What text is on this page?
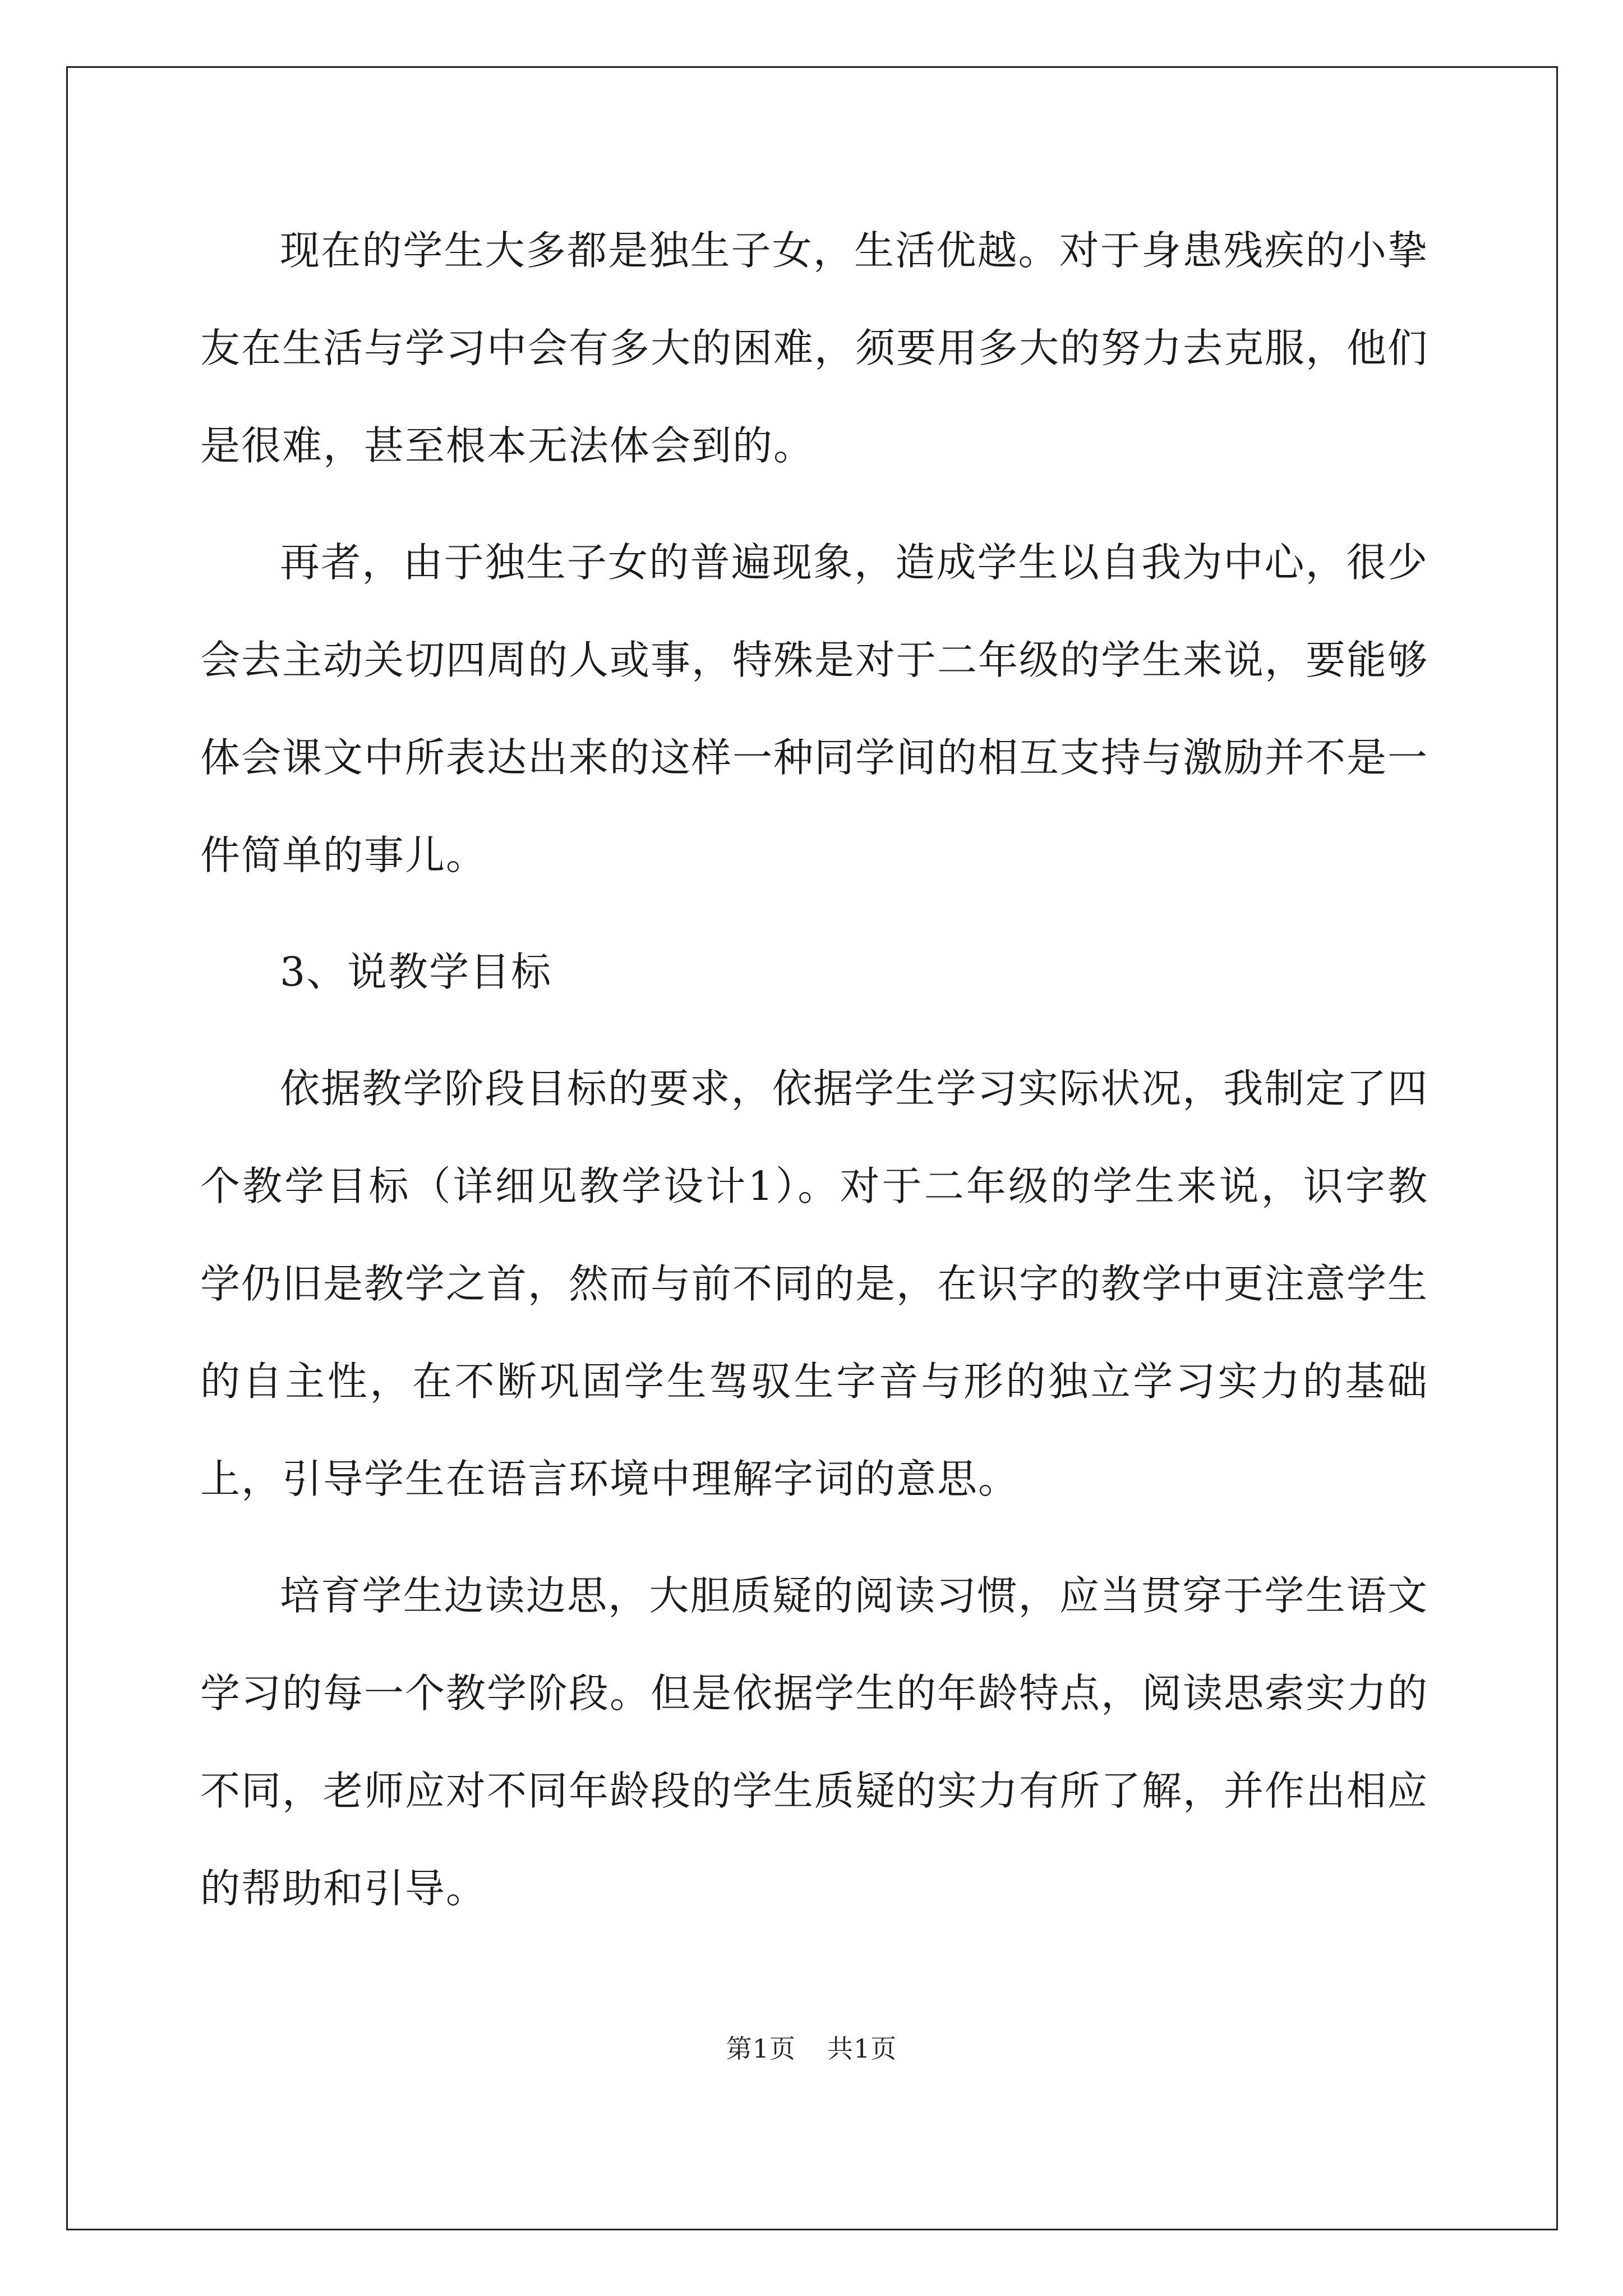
现在的学生大多都是独生子女，生活优越。对于身患残疾的小挚友在生活与学习中会有多大的困难，须要用多大的努力去克服，他们是很难，甚至根本无法体会到的。

再者，由于独生子女的普遍现象，造成学生以自我为中心，很少会去主动关切四周的人或事，特殊是对于二年级的学生来说，要能够体会课文中所表达出来的这样一种同学间的相互支持与激励并不是一件简单的事儿。

3、说教学目标

依据教学阶段目标的要求，依据学生学习实际状况，我制定了四个教学目标（详细见教学设计1）。对于二年级的学生来说，识字教学仍旧是教学之首，然而与前不同的是，在识字的教学中更注意学生的自主性，在不断巩固学生驾驭生字音与形的独立学习实力的基础上，引导学生在语言环境中理解字词的意思。

培育学生边读边思，大胆质疑的阅读习惯，应当贯穿于学生语文学习的每一个教学阶段。但是依据学生的年龄特点，阅读思索实力的不同，老师应对不同年龄段的学生质疑的实力有所了解，并作出相应的帮助和引导。

第1页 共1页
